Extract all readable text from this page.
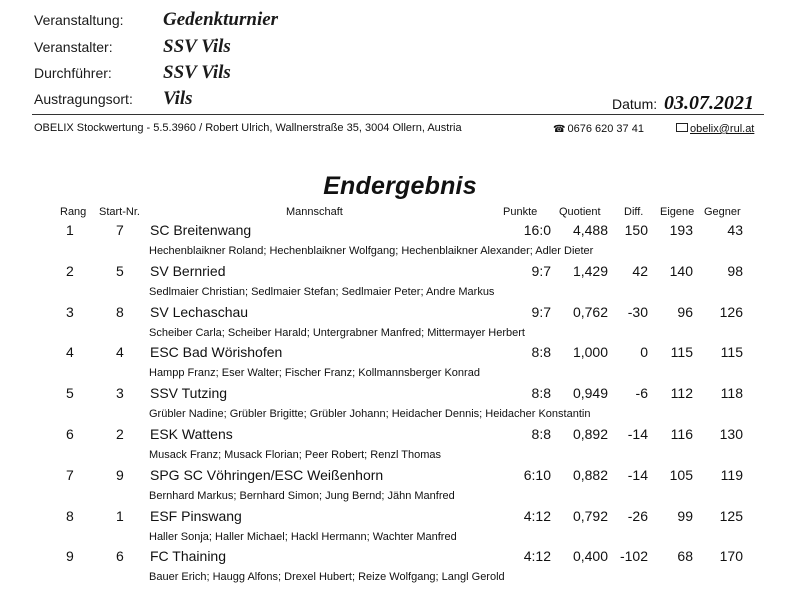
Veranstaltung: Gedenkturnier
Veranstalter:	SSV Vils
Durchführer:	SSV Vils
Austragungsort: Vils	Datum: 03.07.2021
OBELIX Stockwertung - 5.5.3960 / Robert Ulrich, Wallnerstraße 35, 3004 Ollern, Austria	☎ 0676 620 37 41	obelix@rul.at
Endergebnis
Rang Start-Nr.	Mannschaft	Punkte Quotient Diff. Eigene Gegner
1	7 SC Breitenwang	16:0	4,488	150	193	43
Hechenblaikner Roland; Hechenblaikner Wolfgang; Hechenblaikner Alexander; Adler Dieter
2	5 SV Bernried	9:7	1,429	42	140	98
Sedlmaier Christian; Sedlmaier Stefan; Sedlmaier Peter; Andre Markus
3	8 SV Lechaschau	9:7	0,762	-30	96	126
Scheiber Carla; Scheiber Harald; Untergrabner Manfred; Mittermayer Herbert
4	4 ESC Bad Wörishofen	8:8	1,000	0	115	115
Hampp Franz; Eser Walter; Fischer Franz; Kollmannsberger Konrad
5	3 SSV Tutzing	8:8	0,949	-6	112	118
Grübler Nadine; Grübler Brigitte; Grübler Johann; Heidacher Dennis; Heidacher Konstantin
6	2 ESK Wattens	8:8	0,892	-14	116	130
Musack Franz; Musack Florian; Peer Robert; Renzl Thomas
7	9 SPG SC Vöhringen/ESC Weißenhorn	6:10	0,882	-14	105	119
Bernhard Markus; Bernhard Simon; Jung Bernd; Jähn Manfred
8	1 ESF Pinswang	4:12	0,792	-26	99	125
Haller Sonja; Haller Michael; Hackl Hermann; Wachter Manfred
9	6 FC Thaining	4:12	0,400 -102	68	170
Bauer Erich; Haugg Alfons; Drexel Hubert; Reize Wolfgang; Langl Gerold
